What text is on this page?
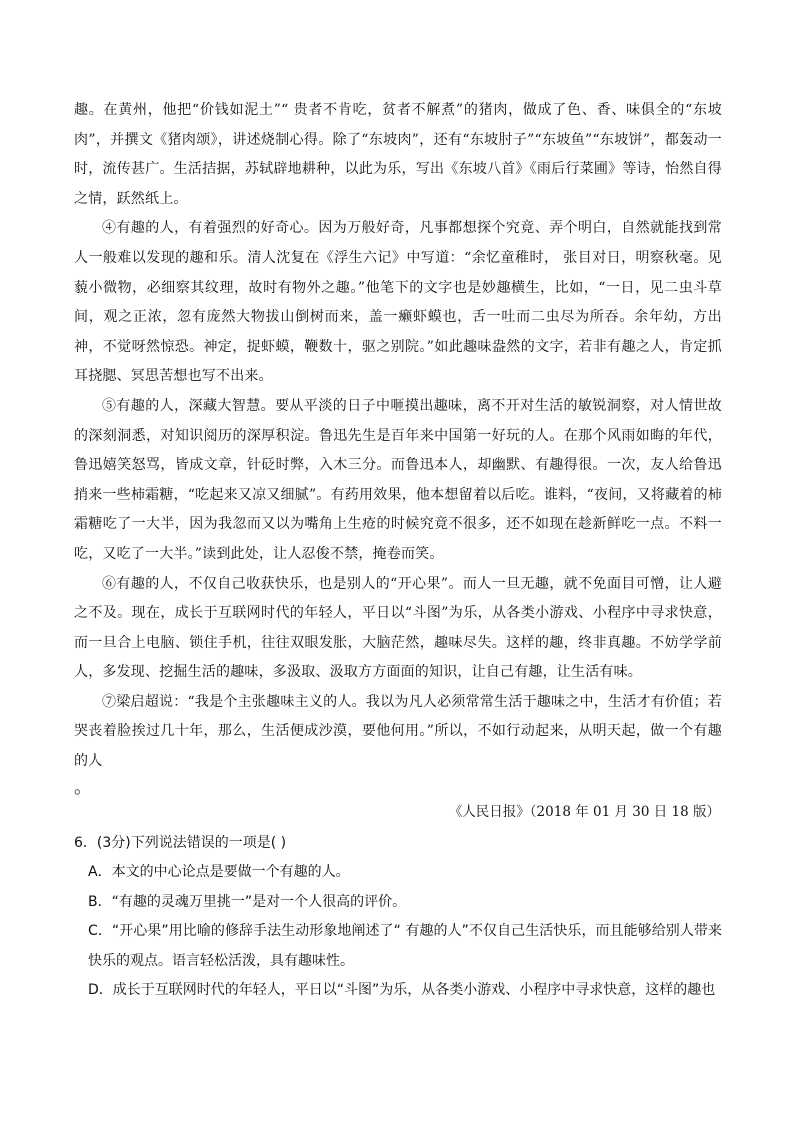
趣。在黄州，他把“价钱如泥土”“ 贵者不肯吃，贫者不解煮”的猪肉，做成了色、香、味俱全的“东坡肉”，并撰文《猪肉颂》，讲述烧制心得。除了“东坡肉”，还有“东坡肘子”“东坡鱼”“东坡饼”，都轰动一时，流传甚广。生活拮据，苏轼辟地耕种，以此为乐，写出《东坡八首》《雨后行菜圃》等诗，怡然自得之情，跃然纸上。

④有趣的人，有着强烈的好奇心。因为万般好奇，凡事都想探个究竟、弄个明白，自然就能找到常人一般难以发现的趣和乐。清人沈复在《浮生六记》中写道：“余忆童稚时， 张目对日，明察秋毫。见藐小微物，必细察其纹理，故时有物外之趣。”他笔下的文字也是妙趣横生，比如，“一日，见二虫斗草间，观之正浓，忽有庞然大物拔山倒树而来，盖一癞虾蟆也，舌一吐而二虫尽为所吞。余年幼，方出神，不觉呀然惊恐。神定，捉虾蟆，鞭数十，驱之别院。”如此趣味盎然的文字，若非有趣之人，肯定抓耳挠腮、冥思苦想也写不出来。

⑤有趣的人，深藏大智慧。要从平淡的日子中咂摸出趣味，离不开对生活的敏锐洞察，对人情世故的深刻洞悉，对知识阅历的深厚积淀。鲁迅先生是百年来中国第一好玩的人。在那个风雨如晦的年代，鲁迅嬉笑怒骂，皆成文章，针砭时弊，入木三分。而鲁迅本人，却幽默、有趣得很。一次，友人给鲁迅捎来一些柿霜糖，“吃起来又凉又细腻”。有药用效果，他本想留着以后吃。谁料，“夜间，又将藏着的柿霜糖吃了一大半，因为我忽而又以为嘴角上生疮的时候究竟不很多，还不如现在趁新鲜吃一点。不料一吃，又吃了一大半。”读到此处，让人忍俊不禁，掩卷而笑。

⑥有趣的人，不仅自己收获快乐，也是别人的“开心果”。而人一旦无趣，就不免面目可憎，让人避之不及。现在，成长于互联网时代的年轻人，平日以“斗图”为乐，从各类小游戏、小程序中寻求快意，而一旦合上电脑、锁住手机，往往双眼发胀，大脑茫然，趣味尽失。这样的趣，终非真趣。不妨学学前人，多发现、挖掘生活的趣味，多汲取、汲取方方面面的知识，让自己有趣，让生活有味。

⑦梁启超说：“我是个主张趣味主义的人。我以为凡人必须常常生活于趣味之中，生活才有价值；若哭丧着脸挨过几十年，那么，生活便成沙漠，要他何用。”所以，不如行动起来，从明天起，做一个有趣的人

。

《人民日报》（2018 年 01 月 30 日 18 版）

6．(3分)下列说法错误的一项是( )

A．本文的中心论点是要做一个有趣的人。

B．“有趣的灵魂万里挑一”是对一个人很高的评价。

C．“开心果”用比喻的修辞手法生动形象地阐述了“ 有趣的人”不仅自己生活快乐，而且能够给别人带来快乐的观点。语言轻松活泼，具有趣味性。

D．成长于互联网时代的年轻人，平日以“斗图”为乐，从各类小游戏、小程序中寻求快意，这样的趣也
